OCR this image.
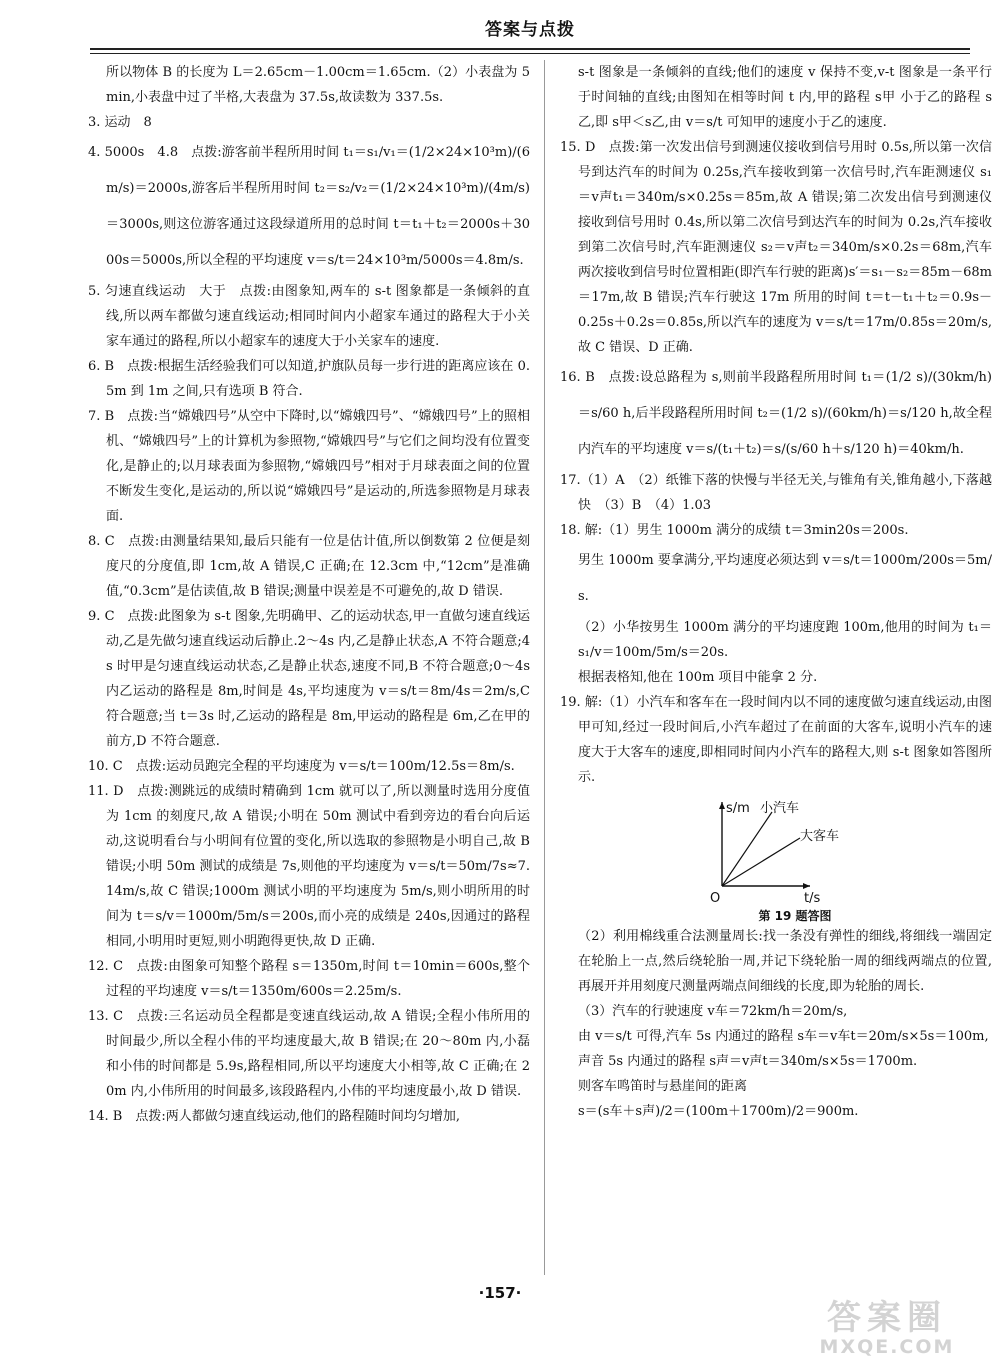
答案与点拨

所以物体 B 的长度为 L＝2.65cm－1.00cm＝1.65cm.（2）小表盘为 5min,小表盘中过了半格,大表盘为 37.5s,故读数为 337.5s.

3. 运动　8

4. 5000s　4.8　点拨:游客前半程所用时间 t₁＝s₁/v₁＝(1/2×24×10³m)/(6m/s)＝2000s,游客后半程所用时间 t₂＝s₂/v₂＝(1/2×24×10³m)/(4m/s)＝3000s,则这位游客通过这段绿道所用的总时间 t＝t₁＋t₂＝2000s＋3000s＝5000s,所以全程的平均速度 v＝s/t＝24×10³m/5000s＝4.8m/s.

5. 匀速直线运动　大于　点拨:由图象知,两车的 s-t 图象都是一条倾斜的直线,所以两车都做匀速直线运动;相同时间内小超家车通过的路程大于小关家车通过的路程,所以小超家车的速度大于小关家车的速度.

6. B　点拨:根据生活经验我们可以知道,护旗队员每一步行进的距离应该在 0.5m 到 1m 之间,只有选项 B 符合.

7. B　点拨:当“嫦娥四号”从空中下降时,以“嫦娥四号”、“嫦娥四号”上的照相机、“嫦娥四号”上的计算机为参照物,“嫦娥四号”与它们之间均没有位置变化,是静止的;以月球表面为参照物,“嫦娥四号”相对于月球表面之间的位置不断发生变化,是运动的,所以说“嫦娥四号”是运动的,所选参照物是月球表面.

8. C　点拨:由测量结果知,最后只能有一位是估计值,所以倒数第 2 位便是刻度尺的分度值,即 1cm,故 A 错误,C 正确;在 12.3cm 中,“12cm”是准确值,“0.3cm”是估读值,故 B 错误;测量中误差是不可避免的,故 D 错误.

9. C　点拨:此图象为 s-t 图象,先明确甲、乙的运动状态,甲一直做匀速直线运动,乙是先做匀速直线运动后静止.2～4s 内,乙是静止状态,A 不符合题意;4s 时甲是匀速直线运动状态,乙是静止状态,速度不同,B 不符合题意;0～4s 内乙运动的路程是 8m,时间是 4s,平均速度为 v＝s/t＝8m/4s＝2m/s,C 符合题意;当 t＝3s 时,乙运动的路程是 8m,甲运动的路程是 6m,乙在甲的前方,D 不符合题意.

10. C　点拨:运动员跑完全程的平均速度为 v＝s/t＝100m/12.5s＝8m/s.

11. D　点拨:测跳远的成绩时精确到 1cm 就可以了,所以测量时选用分度值为 1cm 的刻度尺,故 A 错误;小明在 50m 测试中看到旁边的看台向后运动,这说明看台与小明间有位置的变化,所以选取的参照物是小明自己,故 B 错误;小明 50m 测试的成绩是 7s,则他的平均速度为 v＝s/t＝50m/7s≈7.14m/s,故 C 错误;1000m 测试小明的平均速度为 5m/s,则小明所用的时间为 t＝s/v＝1000m/5m/s＝200s,而小亮的成绩是 240s,因通过的路程相同,小明用时更短,则小明跑得更快,故 D 正确.

12. C　点拨:由图象可知整个路程 s＝1350m,时间 t＝10min＝600s,整个过程的平均速度 v＝s/t＝1350m/600s＝2.25m/s.

13. C　点拨:三名运动员全程都是变速直线运动,故 A 错误;全程小伟所用的时间最少,所以全程小伟的平均速度最大,故 B 错误;在 20～80m 内,小磊和小伟的时间都是 5.9s,路程相同,所以平均速度大小相等,故 C 正确;在 20m 内,小伟所用的时间最多,该段路程内,小伟的平均速度最小,故 D 错误.

14. B　点拨:两人都做匀速直线运动,他们的路程随时间均匀增加,

s-t 图象是一条倾斜的直线;他们的速度 v 保持不变,v-t 图象是一条平行于时间轴的直线;由图知在相等时间 t 内,甲的路程 s甲 小于乙的路程 s乙,即 s甲＜s乙,由 v＝s/t 可知甲的速度小于乙的速度.

15. D　点拨:第一次发出信号到测速仪接收到信号用时 0.5s,所以第一次信号到达汽车的时间为 0.25s,汽车接收到第一次信号时,汽车距测速仪 s₁＝v声t₁＝340m/s×0.25s＝85m,故 A 错误;第二次发出信号到测速仪接收到信号用时 0.4s,所以第二次信号到达汽车的时间为 0.2s,汽车接收到第二次信号时,汽车距测速仪 s₂＝v声t₂＝340m/s×0.2s＝68m,汽车两次接收到信号时位置相距(即汽车行驶的距离)s′＝s₁－s₂＝85m－68m＝17m,故 B 错误;汽车行驶这 17m 所用的时间 t＝t－t₁＋t₂＝0.9s－0.25s＋0.2s＝0.85s,所以汽车的速度为 v＝s/t＝17m/0.85s＝20m/s,故 C 错误、D 正确.

16. B　点拨:设总路程为 s,则前半段路程所用时间 t₁＝(1/2 s)/(30km/h)＝s/60 h,后半段路程所用时间 t₂＝(1/2 s)/(60km/h)＝s/120 h,故全程内汽车的平均速度 v＝s/(t₁＋t₂)＝s/(s/60 h＋s/120 h)＝40km/h.

17.（1）A　（2）纸锥下落的快慢与半径无关,与锥角有关,锥角越小,下落越快　（3）B　（4）1.03

18. 解:（1）男生 1000m 满分的成绩 t＝3min20s＝200s.

男生 1000m 要拿满分,平均速度必须达到 v＝s/t＝1000m/200s＝5m/s.

（2）小华按男生 1000m 满分的平均速度跑 100m,他用的时间为 t₁＝s₁/v＝100m/5m/s＝20s.

根据表格知,他在 100m 项目中能拿 2 分.

19. 解:（1）小汽车和客车在一段时间内以不同的速度做匀速直线运动,由图甲可知,经过一段时间后,小汽车超过了在前面的大客车,说明小汽车的速度大于大客车的速度,即相同时间内小汽车的路程大,则 s-t 图象如答图所示.

s/m
t/s
O
小汽车
大客车
第 19 题答图

（2）利用棉线重合法测量周长:找一条没有弹性的细线,将细线一端固定在轮胎上一点,然后绕轮胎一周,并记下绕轮胎一周的细线两端点的位置,再展开并用刻度尺测量两端点间细线的长度,即为轮胎的周长.

（3）汽车的行驶速度 v车＝72km/h＝20m/s,

由 v＝s/t 可得,汽车 5s 内通过的路程 s车＝v车t＝20m/s×5s＝100m,

声音 5s 内通过的路程 s声＝v声t＝340m/s×5s＝1700m.

则客车鸣笛时与悬崖间的距离

s＝(s车＋s声)/2＝(100m＋1700m)/2＝900m.

·157·
答案圈
MXQE.COM
